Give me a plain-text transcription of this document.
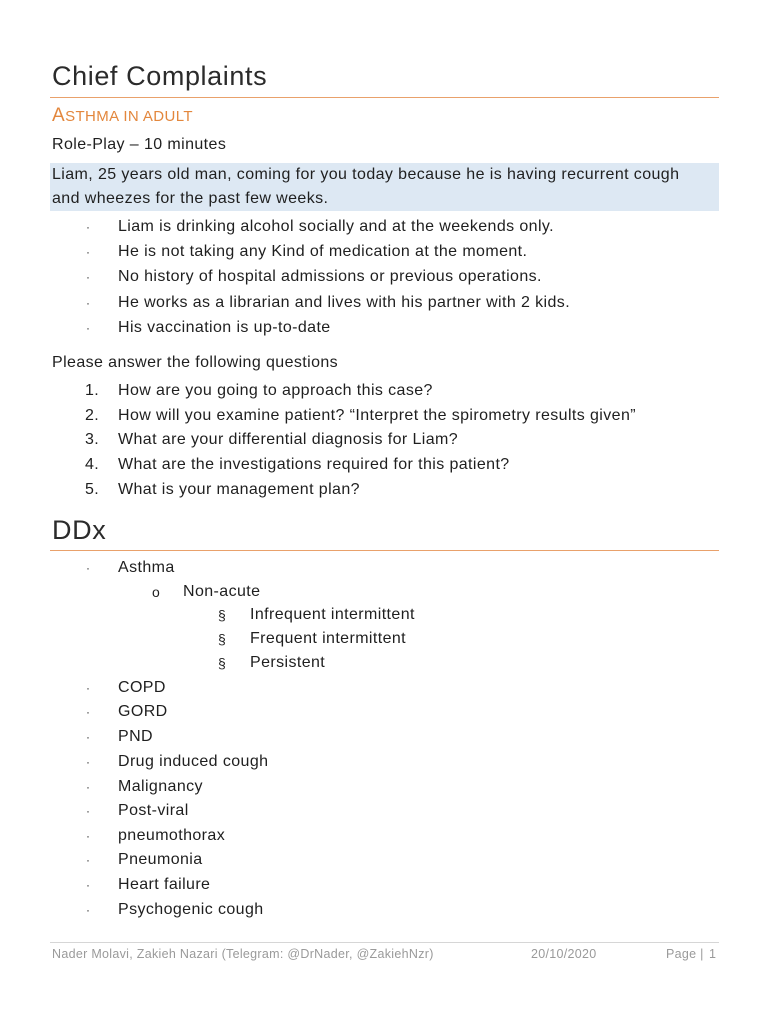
Chief Complaints
ASTHMA IN ADULT
Role-Play – 10 minutes
Liam, 25 years old man, coming for you today because he is having recurrent cough
and wheezes for the past few weeks.
· Liam is drinking alcohol socially and at the weekends only.
· He is not taking any Kind of medication at the moment.
· No history of hospital admissions or previous operations.
· He works as a librarian and lives with his partner with 2 kids.
· His vaccination is up-to-date
Please answer the following questions
1. How are you going to approach this case?
2. How will you examine patient? “Interpret the spirometry results given”
3. What are your differential diagnosis for Liam?
4. What are the investigations required for this patient?
5. What is your management plan?
DDx
· Asthma
o Non-acute
§ Infrequent intermittent
§ Frequent intermittent
§ Persistent
· COPD
· GORD
· PND
· Drug induced cough
· Malignancy
· Post-viral
· pneumothorax
· Pneumonia
· Heart failure
· Psychogenic cough
Nader Molavi, Zakieh Nazari (Telegram: @DrNader, @ZakiehNzr)	20/10/2020	Page | 1
